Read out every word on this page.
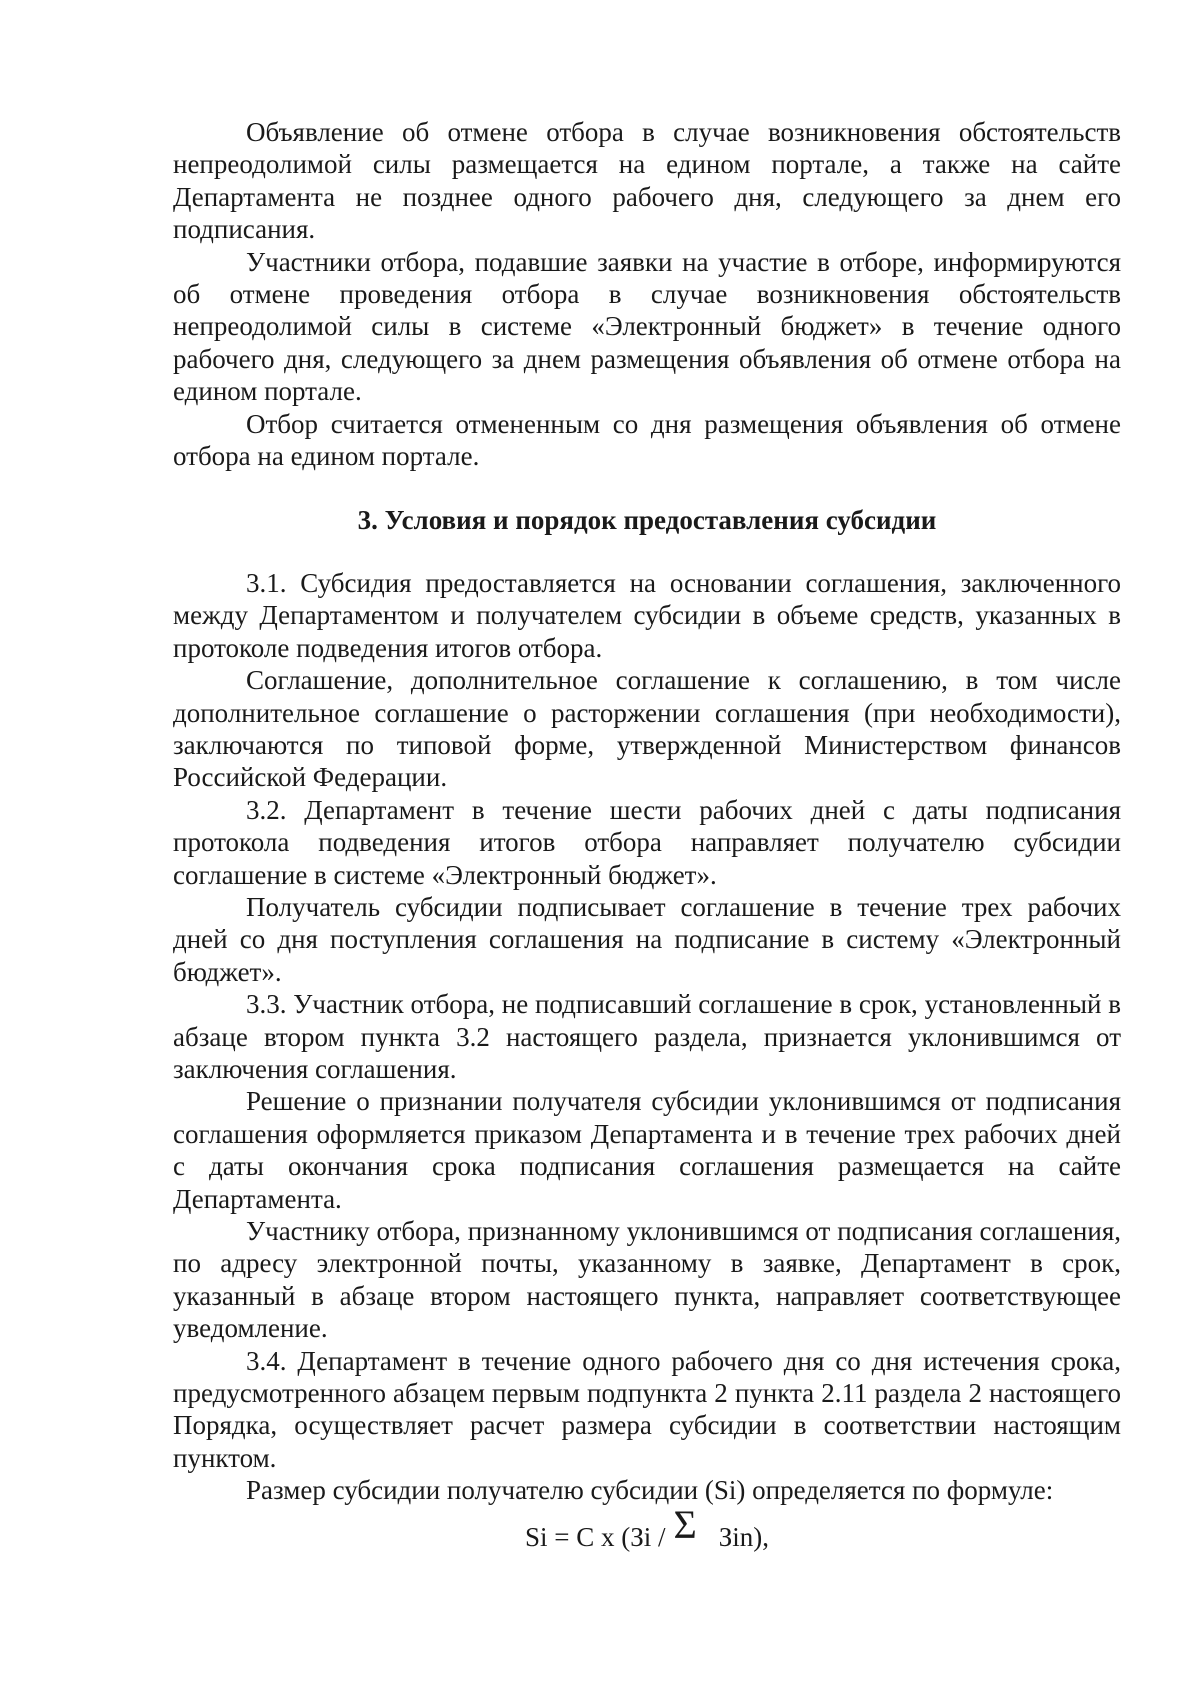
Объявление об отмене отбора в случае возникновения обстоятельств непреодолимой силы размещается на едином портале, а также на сайте Департамента не позднее одного рабочего дня, следующего за днем его подписания.

Участники отбора, подавшие заявки на участие в отборе, информируются об отмене проведения отбора в случае возникновения обстоятельств непреодолимой силы в системе «Электронный бюджет» в течение одного рабочего дня, следующего за днем размещения объявления об отмене отбора на едином портале.

Отбор считается отмененным со дня размещения объявления об отмене отбора на едином портале.

3. Условия и порядок предоставления субсидии

3.1. Субсидия предоставляется на основании соглашения, заключенного между Департаментом и получателем субсидии в объеме средств, указанных в протоколе подведения итогов отбора.

Соглашение, дополнительное соглашение к соглашению, в том числе дополнительное соглашение о расторжении соглашения (при необходимости), заключаются по типовой форме, утвержденной Министерством финансов Российской Федерации.

3.2. Департамент в течение шести рабочих дней с даты подписания протокола подведения итогов отбора направляет получателю субсидии соглашение в системе «Электронный бюджет».

Получатель субсидии подписывает соглашение в течение трех рабочих дней со дня поступления соглашения на подписание в систему «Электронный бюджет».

3.3. Участник отбора, не подписавший соглашение в срок, установленный в абзаце втором пункта 3.2 настоящего раздела, признается уклонившимся от заключения соглашения.

Решение о признании получателя субсидии уклонившимся от подписания соглашения оформляется приказом Департамента и в течение трех рабочих дней с даты окончания срока подписания соглашения размещается на сайте Департамента.

Участнику отбора, признанному уклонившимся от подписания соглашения, по адресу электронной почты, указанному в заявке, Департамент в срок, указанный в абзаце втором настоящего пункта, направляет соответствующее уведомление.

3.4. Департамент в течение одного рабочего дня со дня истечения срока, предусмотренного абзацем первым подпункта 2 пункта 2.11 раздела 2 настоящего Порядка, осуществляет расчет размера субсидии в соответствии настоящим пунктом.

Размер субсидии получателю субсидии (Si) определяется по формуле:

Si = C x (Зi / Σ Зin),
